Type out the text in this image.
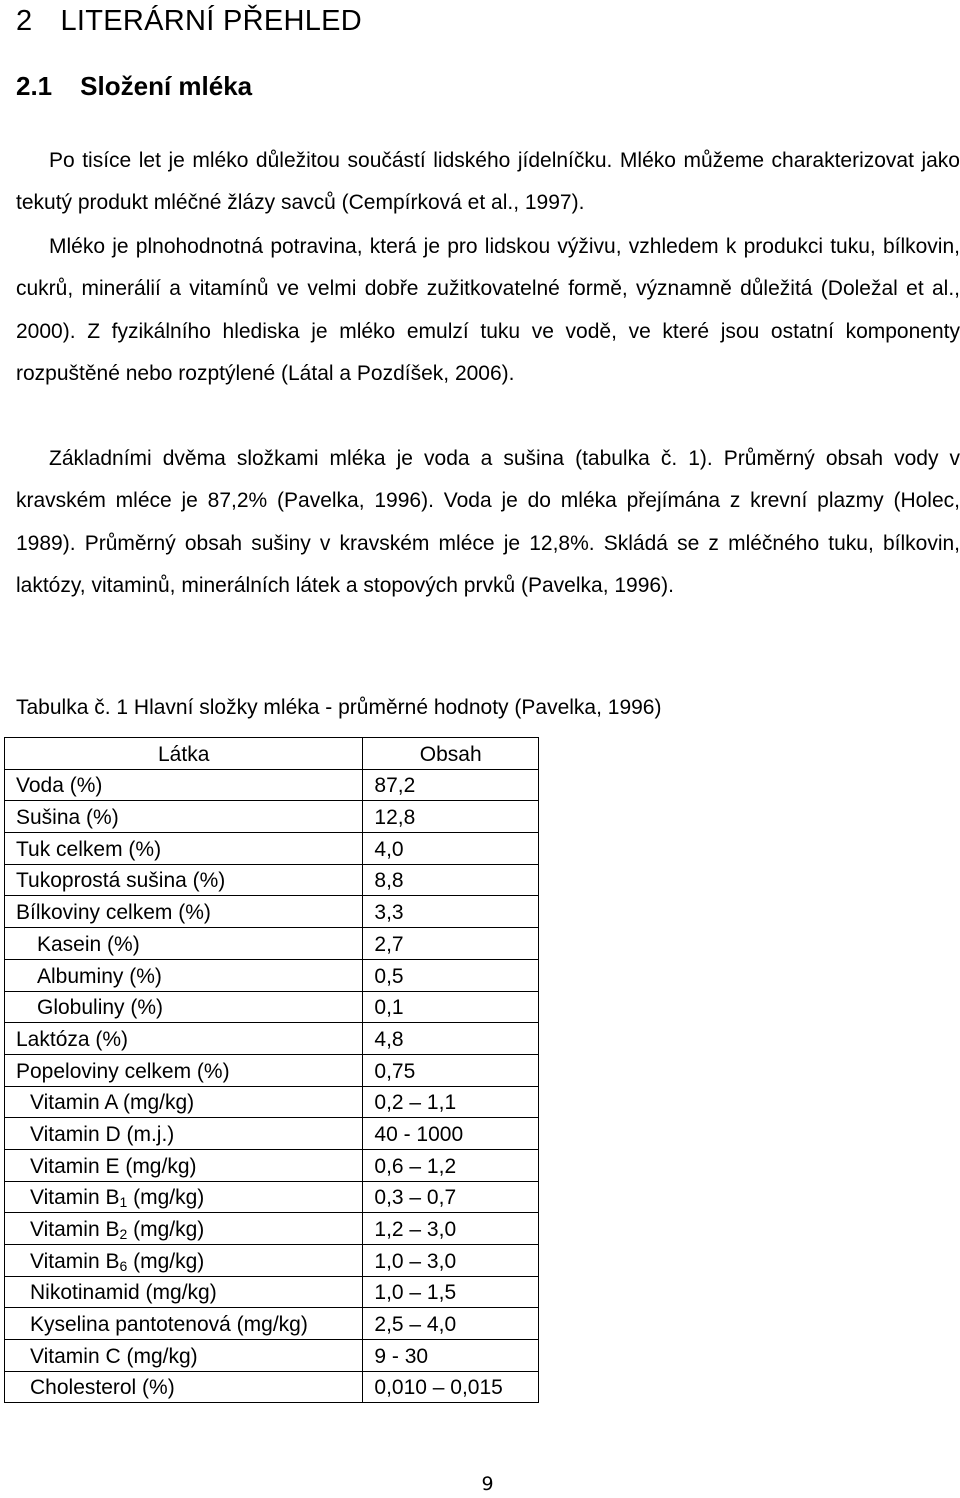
2 LITERÁRNÍ PŘEHLED
2.1 Složení mléka

Po tisíce let je mléko důležitou součástí lidského jídelníčku. Mléko můžeme charakterizovat jako tekutý produkt mléčné žlázy savců (Cempírková et al., 1997).

Mléko je plnohodnotná potravina, která je pro lidskou výživu, vzhledem k produkci tuku, bílkovin, cukrů, minerálií a vitamínů ve velmi dobře zužitkovatelné formě, významně důležitá (Doležal et al., 2000). Z fyzikálního hlediska je mléko emulzí tuku ve vodě, ve které jsou ostatní komponenty rozpuštěné nebo rozptýlené (Látal a Pozdíšek, 2006).

Základními dvěma složkami mléka je voda a sušina (tabulka č. 1). Průměrný obsah vody v kravském mléce je 87,2% (Pavelka, 1996). Voda je do mléka přejímána z krevní plazmy (Holec, 1989). Průměrný obsah sušiny v kravském mléce je 12,8%. Skládá se z mléčného tuku, bílkovin, laktózy, vitaminů, minerálních látek a stopových prvků (Pavelka, 1996).

Tabulka č. 1 Hlavní složky mléka - průměrné hodnoty (Pavelka, 1996)

Látka	Obsah
Voda (%)	87,2
Sušina (%)	12,8
Tuk celkem (%)	4,0
Tukoprostá sušina (%)	8,8
Bílkoviny celkem (%)	3,3
Kasein (%)	2,7
Albuminy (%)	0,5
Globuliny (%)	0,1
Laktóza (%)	4,8
Popeloviny celkem (%)	0,75
Vitamin A (mg/kg)	0,2 – 1,1
Vitamin D (m.j.)	40 - 1000
Vitamin E (mg/kg)	0,6 – 1,2
Vitamin $B_1$ (mg/kg)	0,3 – 0,7
Vitamin $B_2$ (mg/kg)	1,2 – 3,0
Vitamin $B_6$ (mg/kg)	1,0 – 3,0
Nikotinamid (mg/kg)	1,0 – 1,5
Kyselina pantotenová (mg/kg)	2,5 – 4,0
Vitamin C (mg/kg)	9 - 30
Cholesterol (%)	0,010 – 0,015
9
